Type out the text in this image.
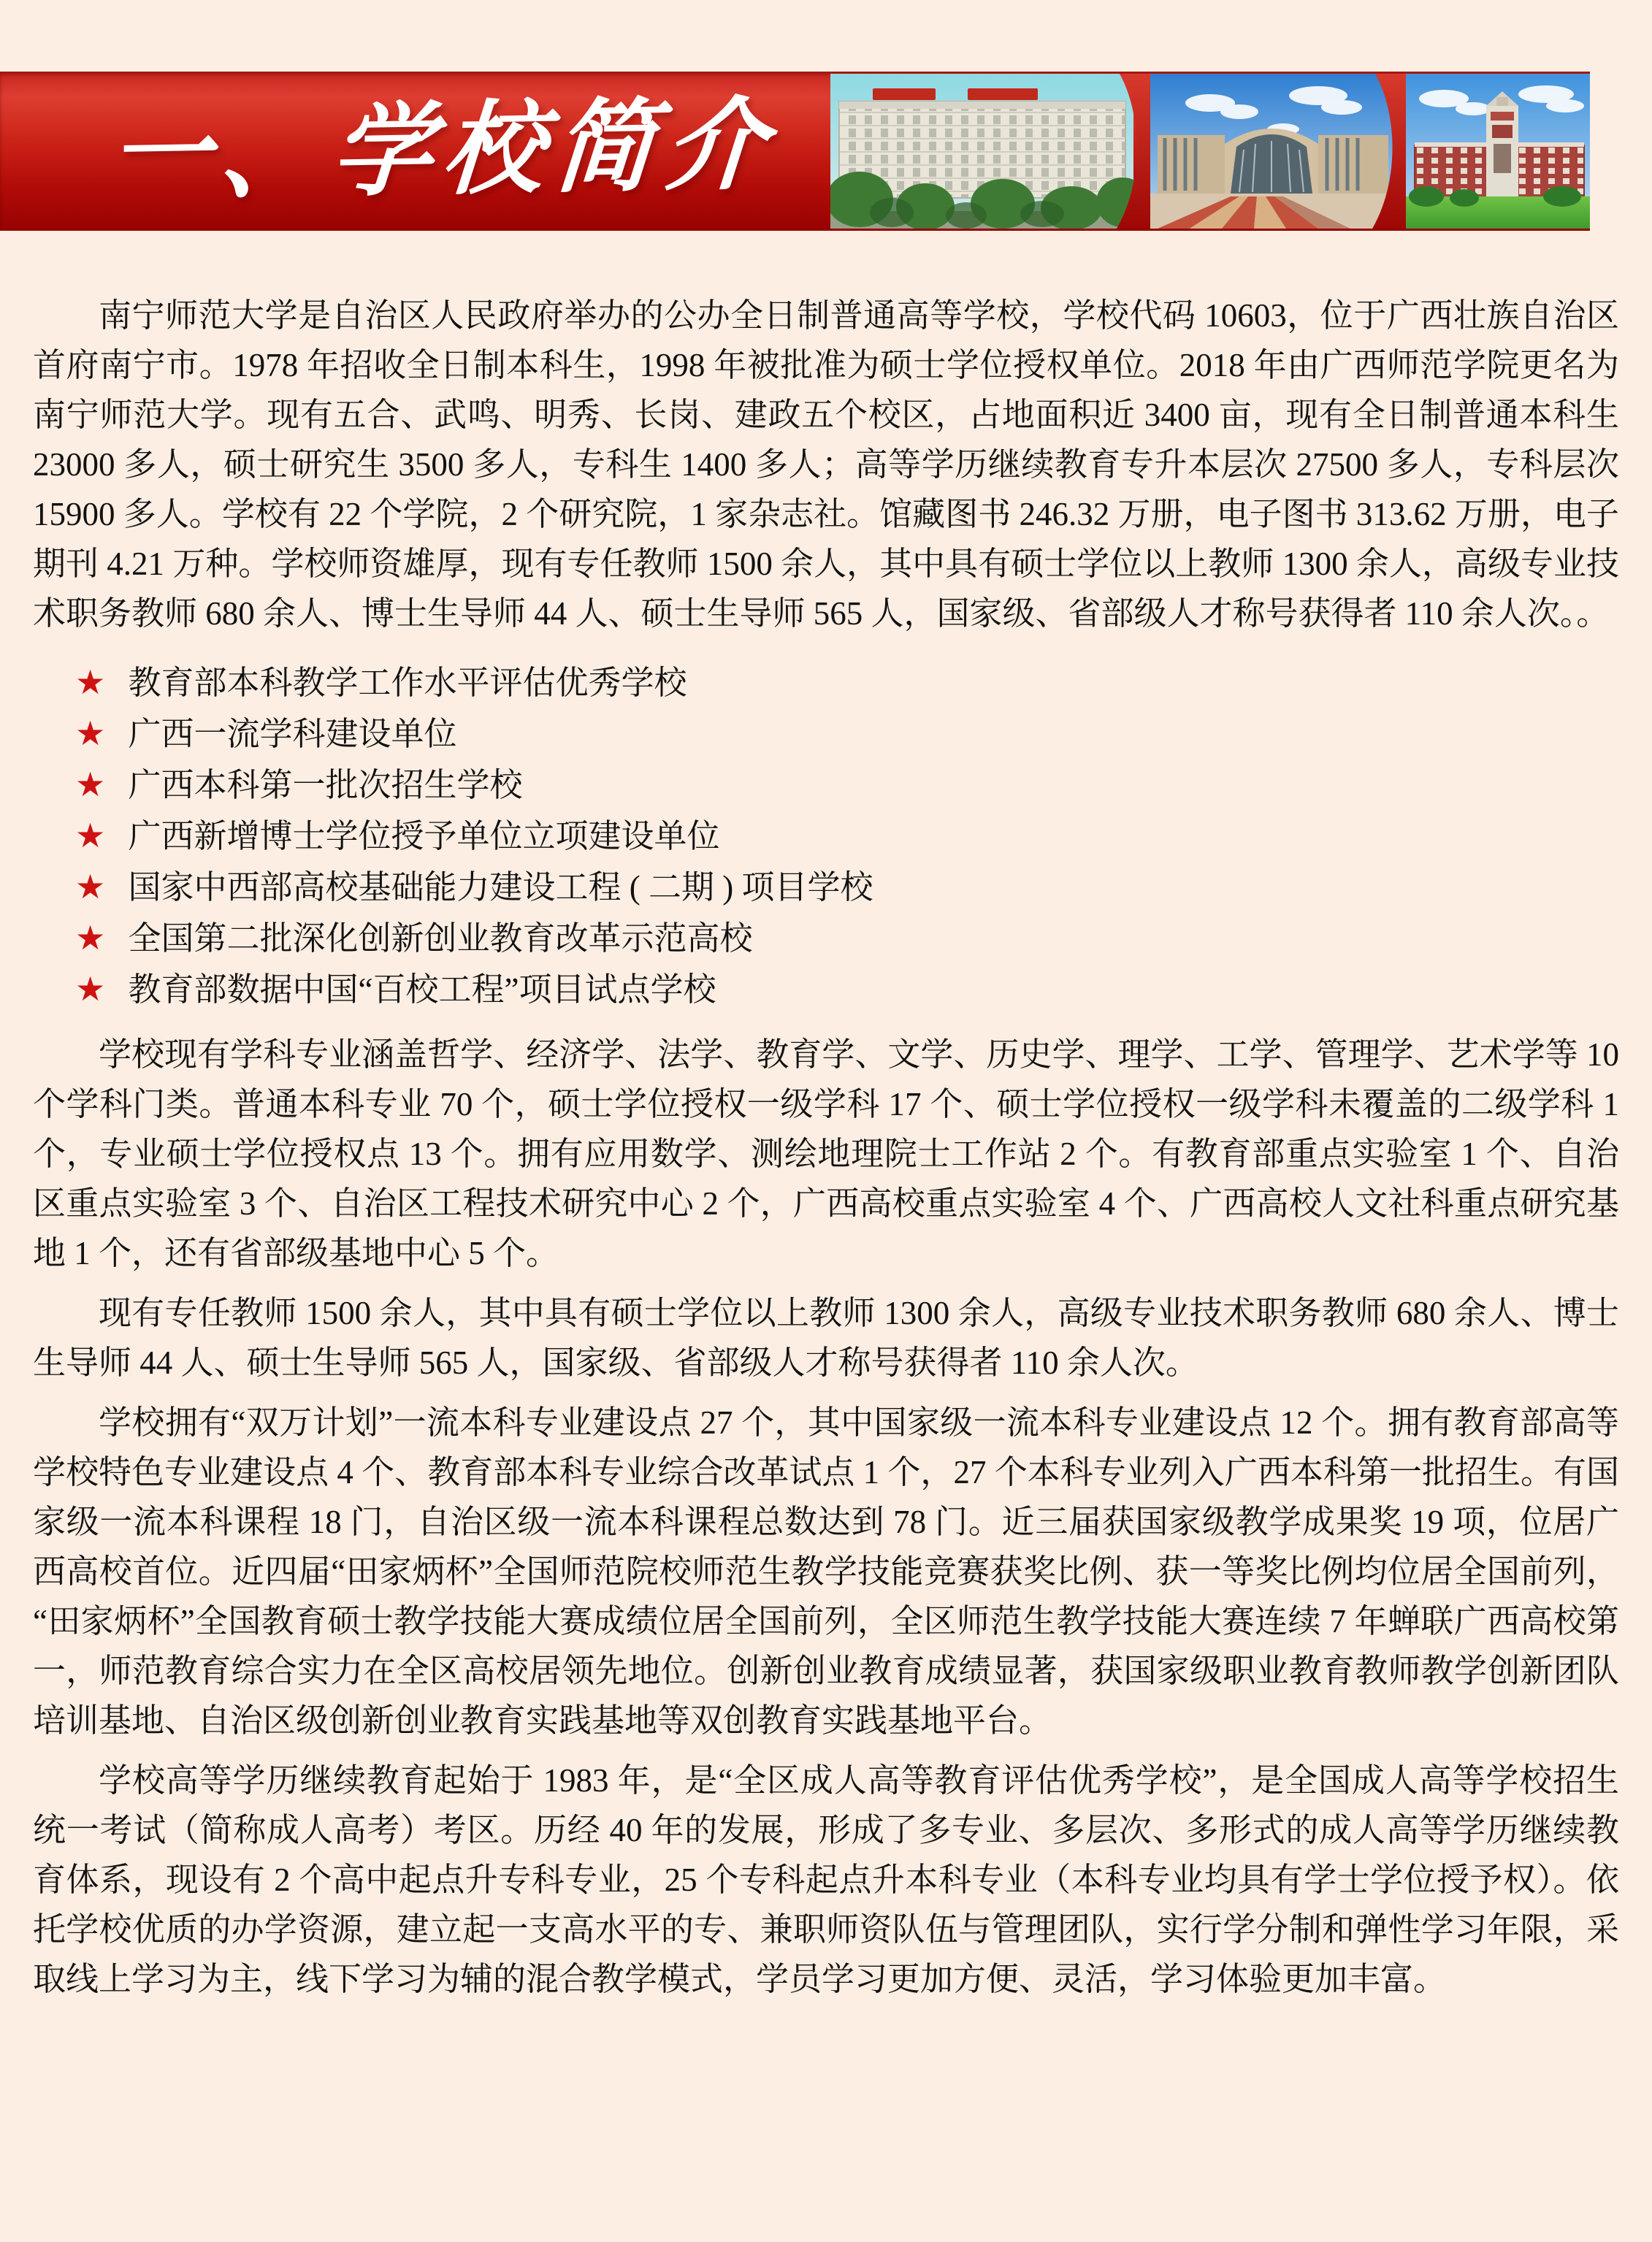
一、学校简介

南宁师范大学是自治区人民政府举办的公办全日制普通高等学校，学校代码 10603，位于广西壮族自治区首府南宁市。1978 年招收全日制本科生，1998 年被批准为硕士学位授权单位。2018 年由广西师范学院更名为南宁师范大学。现有五合、武鸣、明秀、长岗、建政五个校区，占地面积近 3400 亩，现有全日制普通本科生 23000 多人，硕士研究生 3500 多人，专科生 1400 多人；高等学历继续教育专升本层次 27500 多人，专科层次 15900 多人。学校有 22 个学院，2 个研究院，1 家杂志社。馆藏图书 246.32 万册，电子图书 313.62 万册，电子期刊 4.21 万种。学校师资雄厚，现有专任教师 1500 余人，其中具有硕士学位以上教师 1300 余人，高级专业技术职务教师 680 余人、博士生导师 44 人、硕士生导师 565 人，国家级、省部级人才称号获得者 110 余人次。。

★ 教育部本科教学工作水平评估优秀学校
★ 广西一流学科建设单位
★ 广西本科第一批次招生学校
★ 广西新增博士学位授予单位立项建设单位
★ 国家中西部高校基础能力建设工程 ( 二期 ) 项目学校
★ 全国第二批深化创新创业教育改革示范高校
★ 教育部数据中国“百校工程”项目试点学校

学校现有学科专业涵盖哲学、经济学、法学、教育学、文学、历史学、理学、工学、管理学、艺术学等 10 个学科门类。普通本科专业 70 个，硕士学位授权一级学科 17 个、硕士学位授权一级学科未覆盖的二级学科 1 个，专业硕士学位授权点 13 个。拥有应用数学、测绘地理院士工作站 2 个。有教育部重点实验室 1 个、自治区重点实验室 3 个、自治区工程技术研究中心 2 个，广西高校重点实验室 4 个、广西高校人文社科重点研究基地 1 个，还有省部级基地中心 5 个。

现有专任教师 1500 余人，其中具有硕士学位以上教师 1300 余人，高级专业技术职务教师 680 余人、博士生导师 44 人、硕士生导师 565 人，国家级、省部级人才称号获得者 110 余人次。

学校拥有“双万计划”一流本科专业建设点 27 个，其中国家级一流本科专业建设点 12 个。拥有教育部高等学校特色专业建设点 4 个、教育部本科专业综合改革试点 1 个，27 个本科专业列入广西本科第一批招生。有国家级一流本科课程 18 门，自治区级一流本科课程总数达到 78 门。近三届获国家级教学成果奖 19 项，位居广西高校首位。近四届“田家炳杯”全国师范院校师范生教学技能竞赛获奖比例、获一等奖比例均位居全国前列，“田家炳杯”全国教育硕士教学技能大赛成绩位居全国前列，全区师范生教学技能大赛连续 7 年蝉联广西高校第一，师范教育综合实力在全区高校居领先地位。创新创业教育成绩显著，获国家级职业教育教师教学创新团队培训基地、自治区级创新创业教育实践基地等双创教育实践基地平台。

学校高等学历继续教育起始于 1983 年，是“全区成人高等教育评估优秀学校”，是全国成人高等学校招生统一考试（简称成人高考）考区。历经 40 年的发展，形成了多专业、多层次、多形式的成人高等学历继续教育体系，现设有 2 个高中起点升专科专业，25 个专科起点升本科专业（本科专业均具有学士学位授予权）。依托学校优质的办学资源，建立起一支高水平的专、兼职师资队伍与管理团队，实行学分制和弹性学习年限，采取线上学习为主，线下学习为辅的混合教学模式，学员学习更加方便、灵活，学习体验更加丰富。
